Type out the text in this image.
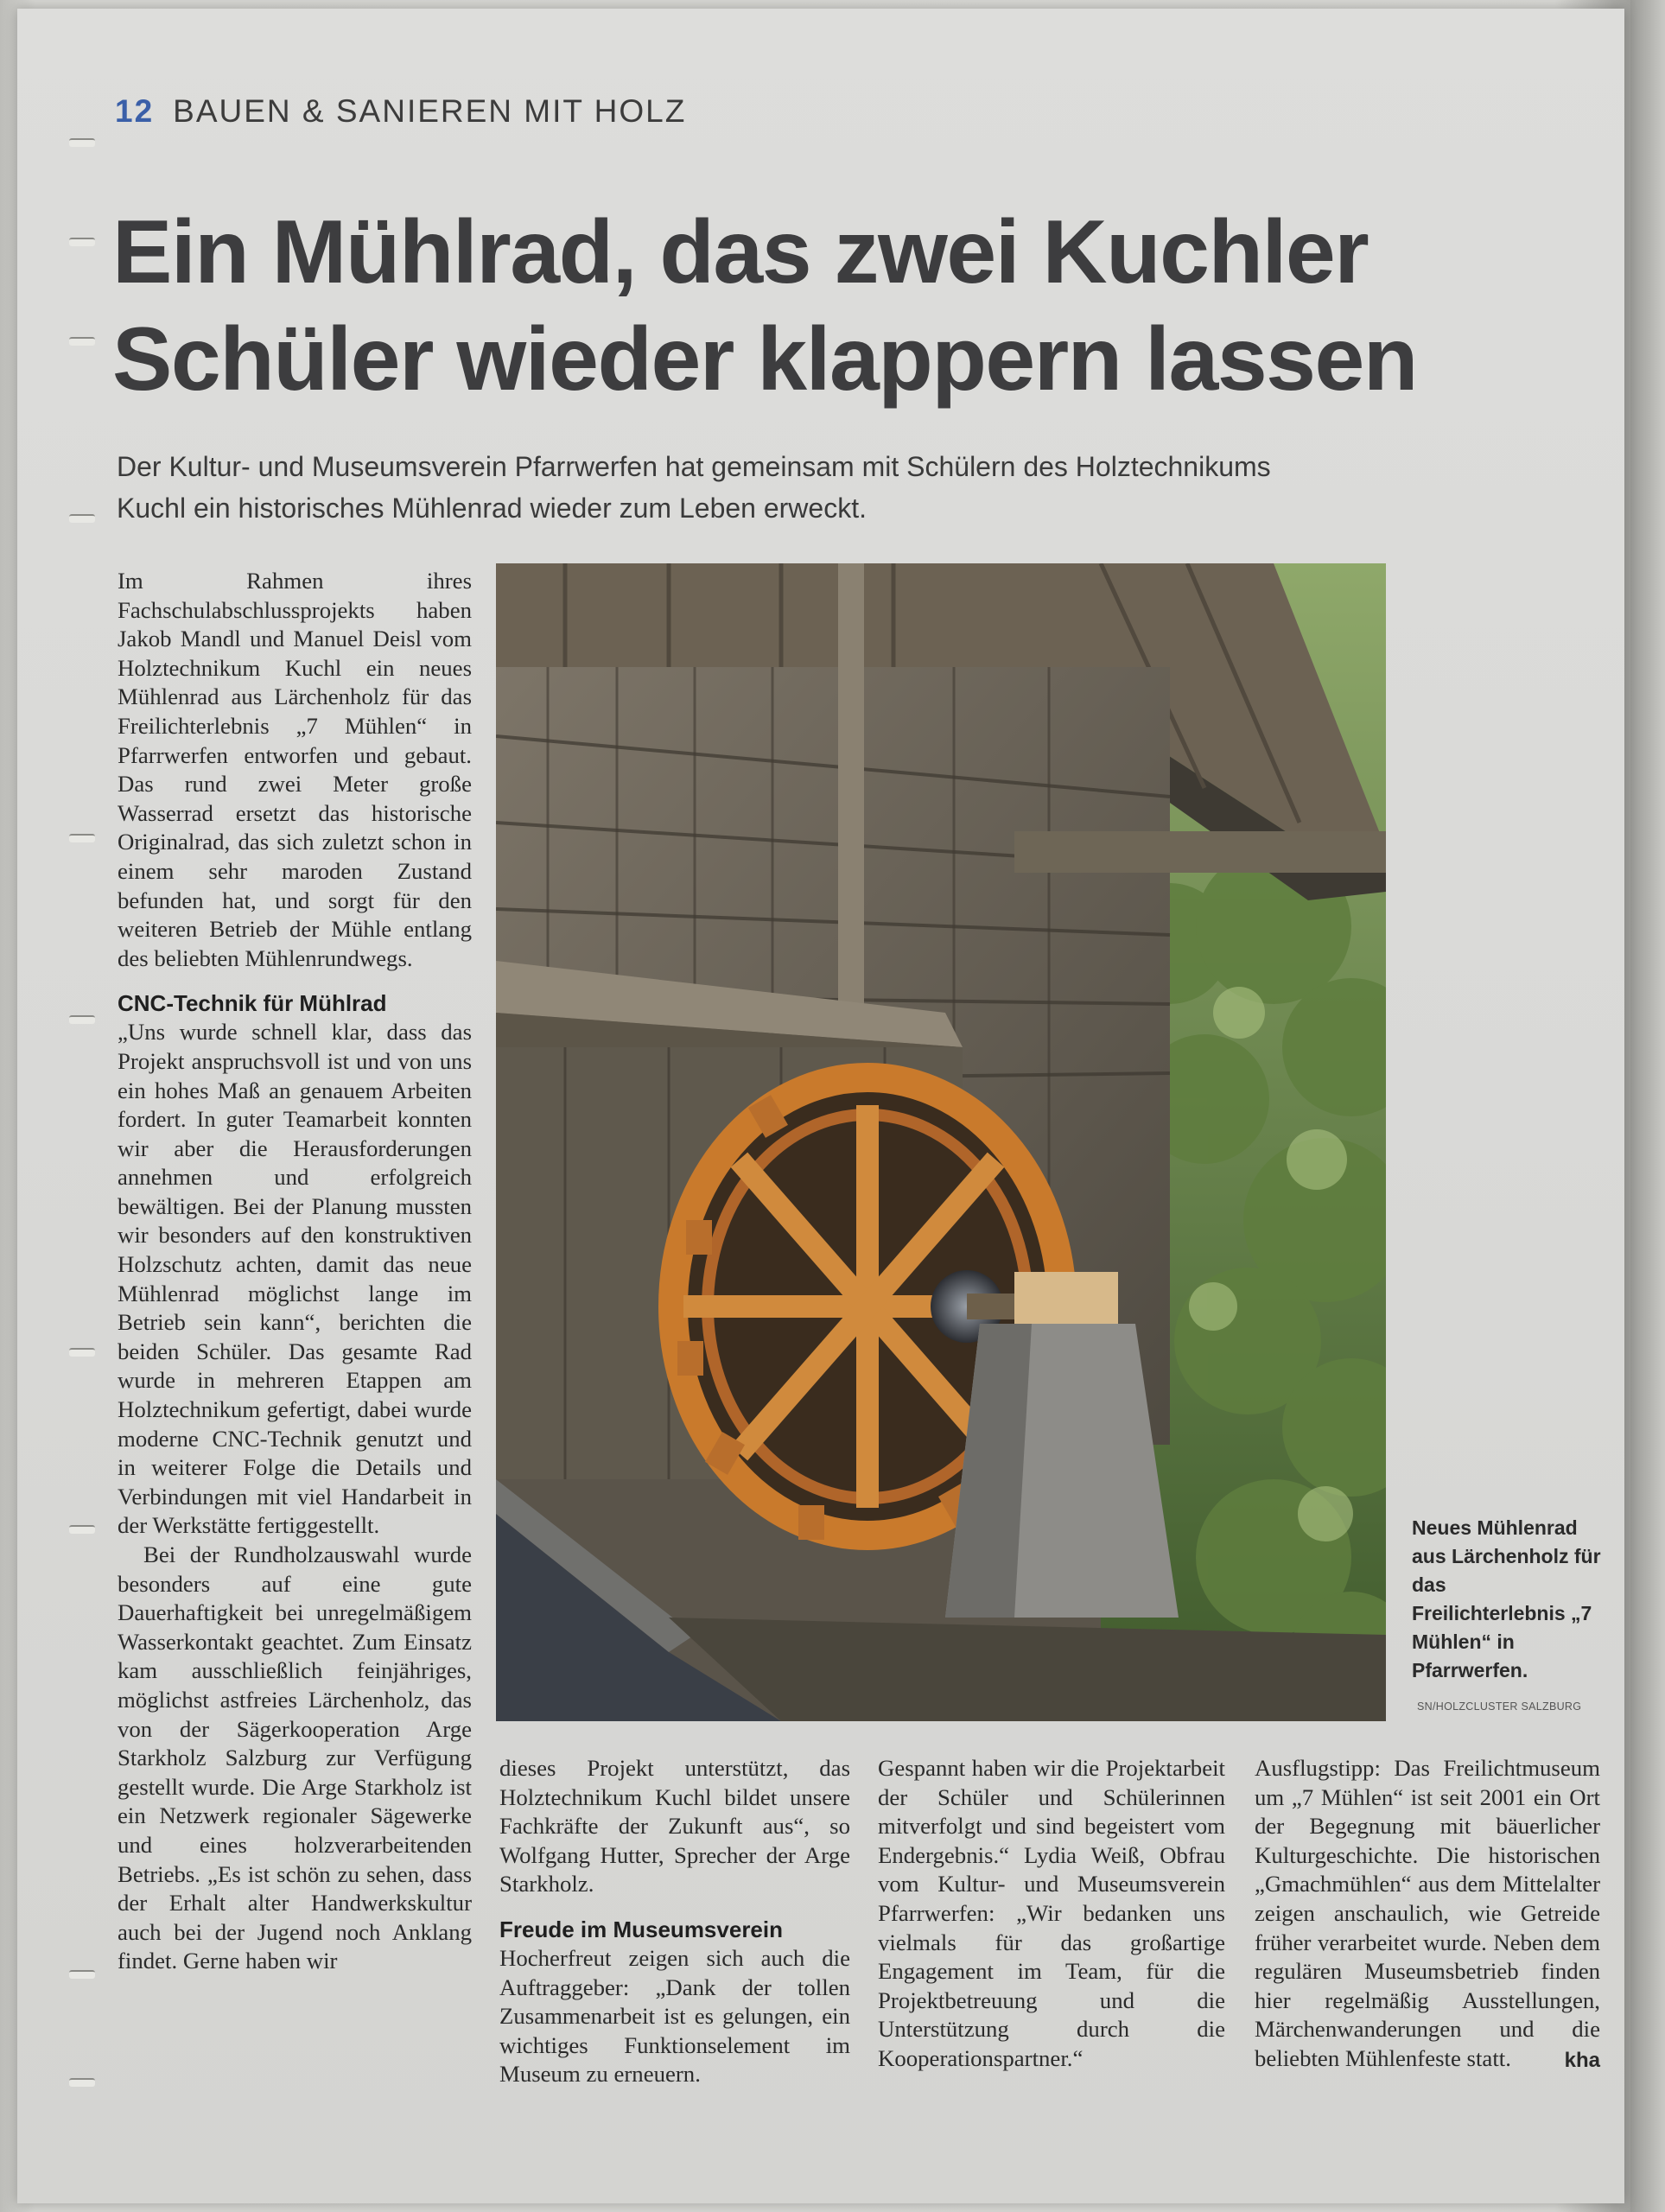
12 BAUEN & SANIEREN MIT HOLZ
Ein Mühlrad, das zwei Kuchler
Schüler wieder klappern lassen
Der Kultur- und Museumsverein Pfarrwerfen hat gemeinsam mit Schülern des Holztechnikums
Kuchl ein historisches Mühlenrad wieder zum Leben erweckt.

Im Rahmen ihres Fachschulabschlussprojekts haben Jakob Mandl und Manuel Deisl vom Holztechnikum Kuchl ein neues Mühlenrad aus Lärchenholz für das Freilichterlebnis „7 Mühlen“ in Pfarrwerfen entworfen und gebaut. Das rund zwei Meter große Wasserrad ersetzt das historische Originalrad, das sich zuletzt schon in einem sehr maroden Zustand befunden hat, und sorgt für den weiteren Betrieb der Mühle entlang des beliebten Mühlenrundwegs.

CNC-Technik für Mühlrad

„Uns wurde schnell klar, dass das Projekt anspruchsvoll ist und von uns ein hohes Maß an genauem Arbeiten fordert. In guter Teamarbeit konnten wir aber die Herausforderungen annehmen und erfolgreich bewältigen. Bei der Planung mussten wir besonders auf den konstruktiven Holzschutz achten, damit das neue Mühlenrad möglichst lange im Betrieb sein kann“, berichten die beiden Schüler. Das gesamte Rad wurde in mehreren Etappen am Holztechnikum gefertigt, dabei wurde moderne CNC-Technik genutzt und in weiterer Folge die Details und Verbindungen mit viel Handarbeit in der Werkstätte fertiggestellt.

Bei der Rundholzauswahl wurde besonders auf eine gute Dauerhaftigkeit bei unregelmäßigem Wasserkontakt geachtet. Zum Einsatz kam ausschließlich feinjähriges, möglichst astfreies Lärchenholz, das von der Sägerkooperation Arge Starkholz Salzburg zur Verfügung gestellt wurde. Die Arge Starkholz ist ein Netzwerk regionaler Sägewerke und eines holzverarbeitenden Betriebs. „Es ist schön zu sehen, dass der Erhalt alter Handwerkskultur auch bei der Jugend noch Anklang findet. Gerne haben wir

Neues Mühlenrad aus Lärchenholz für das Freilichterlebnis „7 Mühlen“ in Pfarrwerfen.
SN/HOLZCLUSTER SALZBURG

dieses Projekt unterstützt, das Holztechnikum Kuchl bildet unsere Fachkräfte der Zukunft aus“, so Wolfgang Hutter, Sprecher der Arge Starkholz.

Freude im Museumsverein

Hocherfreut zeigen sich auch die Auftraggeber: „Dank der tollen Zusammenarbeit ist es gelungen, ein wichtiges Funktionselement im Museum zu erneuern.

Gespannt haben wir die Projektarbeit der Schüler und Schülerinnen mitverfolgt und sind begeistert vom Endergebnis.“ Lydia Weiß, Obfrau vom Kultur- und Museumsverein Pfarrwerfen: „Wir bedanken uns vielmals für das großartige Engagement im Team, für die Projektbetreuung und die Unterstützung durch die Kooperationspartner.“

Ausflugstipp: Das Freilichtmuseum um „7 Mühlen“ ist seit 2001 ein Ort der Begegnung mit bäuerlicher Kulturgeschichte. Die historischen „Gmachmühlen“ aus dem Mittelalter zeigen anschaulich, wie Getreide früher verarbeitet wurde. Neben dem regulären Museumsbetrieb finden hier regelmäßig Ausstellungen, Märchenwanderungen und die beliebten Mühlenfeste statt.	kha
